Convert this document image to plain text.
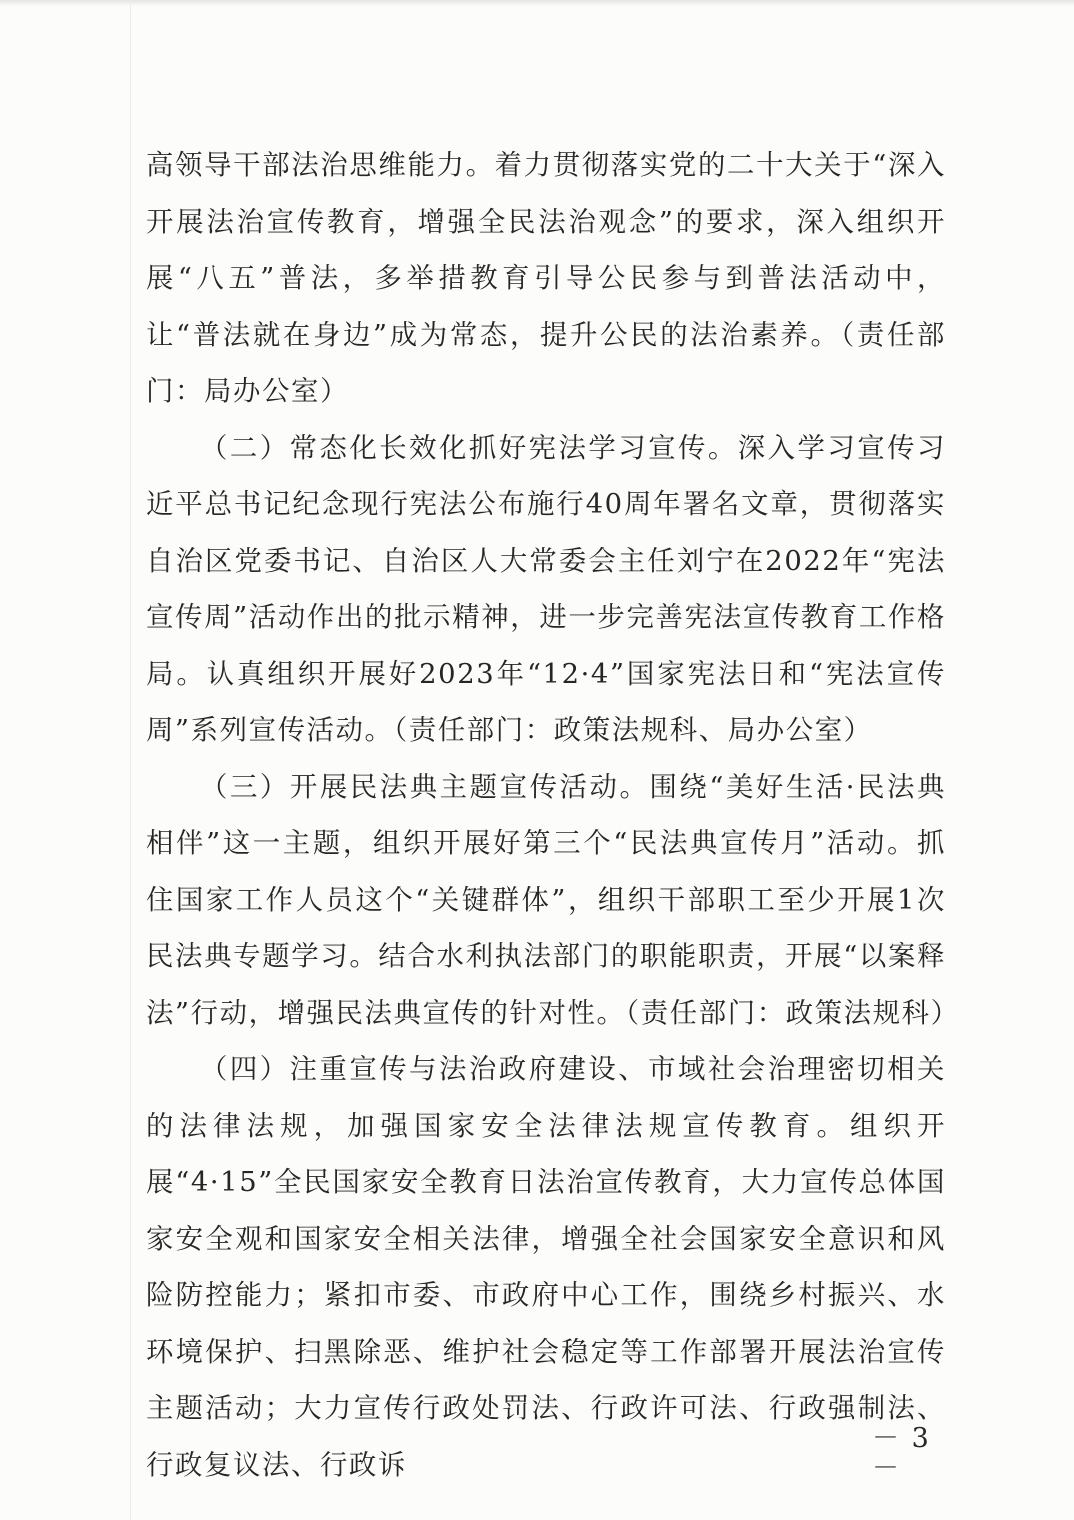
高领导干部法治思维能力。着力贯彻落实党的二十大关于“深入开展法治宣传教育，增强全民法治观念”的要求，深入组织开展“八五”普法，多举措教育引导公民参与到普法活动中，让“普法就在身边”成为常态，提升公民的法治素养。（责任部门：局办公室）

（二）常态化长效化抓好宪法学习宣传。深入学习宣传习近平总书记纪念现行宪法公布施行40周年署名文章，贯彻落实自治区党委书记、自治区人大常委会主任刘宁在2022年“宪法宣传周”活动作出的批示精神，进一步完善宪法宣传教育工作格局。认真组织开展好2023年“12·4”国家宪法日和“宪法宣传周”系列宣传活动。（责任部门：政策法规科、局办公室）

（三）开展民法典主题宣传活动。围绕“美好生活·民法典相伴”这一主题，组织开展好第三个“民法典宣传月”活动。抓住国家工作人员这个“关键群体”，组织干部职工至少开展1次民法典专题学习。结合水利执法部门的职能职责，开展“以案释法”行动，增强民法典宣传的针对性。（责任部门：政策法规科）

（四）注重宣传与法治政府建设、市域社会治理密切相关的法律法规，加强国家安全法律法规宣传教育。组织开展“4·15”全民国家安全教育日法治宣传教育，大力宣传总体国家安全观和国家安全相关法律，增强全社会国家安全意识和风险防控能力；紧扣市委、市政府中心工作，围绕乡村振兴、水环境保护、扫黑除恶、维护社会稳定等工作部署开展法治宣传主题活动；大力宣传行政处罚法、行政许可法、行政强制法、行政复议法、行政诉

－ 3 －
